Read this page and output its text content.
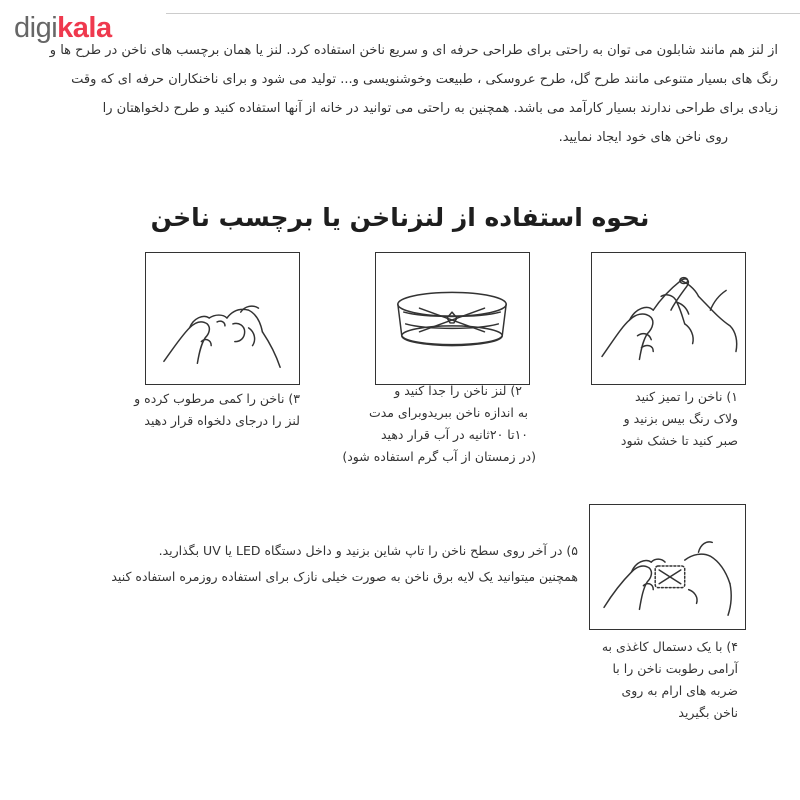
digikala

از لنز هم مانند شابلون می توان به راحتی برای طراحی حرفه ای و سریع ناخن استفاده کرد. لنز یا همان برچسب های ناخن در طرح ها و

رنگ های بسیار متنوعی مانند طرح گل، طرح عروسکی ، طبیعت وخوشنویسی و... تولید می شود و برای ناخنکاران حرفه ای که وقت

زیادی برای طراحی ندارند بسیار کارآمد می باشد. همچنین به راحتی می توانید در خانه از آنها استفاده کنید و طرح دلخواهتان را

روی ناخن های خود ایجاد نمایید.

نحوه استفاده از لنزناخن یا برچسب ناخن
۱) ناخن را تمیز کنید
ولاک رنگ بیس بزنید و
صبر کنید تا خشک شود
۲) لنز ناخن را جدا کنید و
به اندازه ناخن ببریدوبرای مدت
۱۰تا ۲۰ثانیه در آب قرار دهید
(در زمستان از آب گرم استفاده شود)
۳) ناخن را کمی مرطوب کرده و
لنز را درجای دلخواه قرار دهید
۵) در آخر روی سطح ناخن را تاپ شاین بزنید و داخل دستگاه LED یا UV بگذارید.
همچنین میتوانید یک لایه برق ناخن به صورت خیلی نازک برای استفاده روزمره استفاده کنید
۴) با یک دستمال کاغذی به
آرامی رطوبت ناخن را با
ضربه های ارام به روی
ناخن بگیرید
